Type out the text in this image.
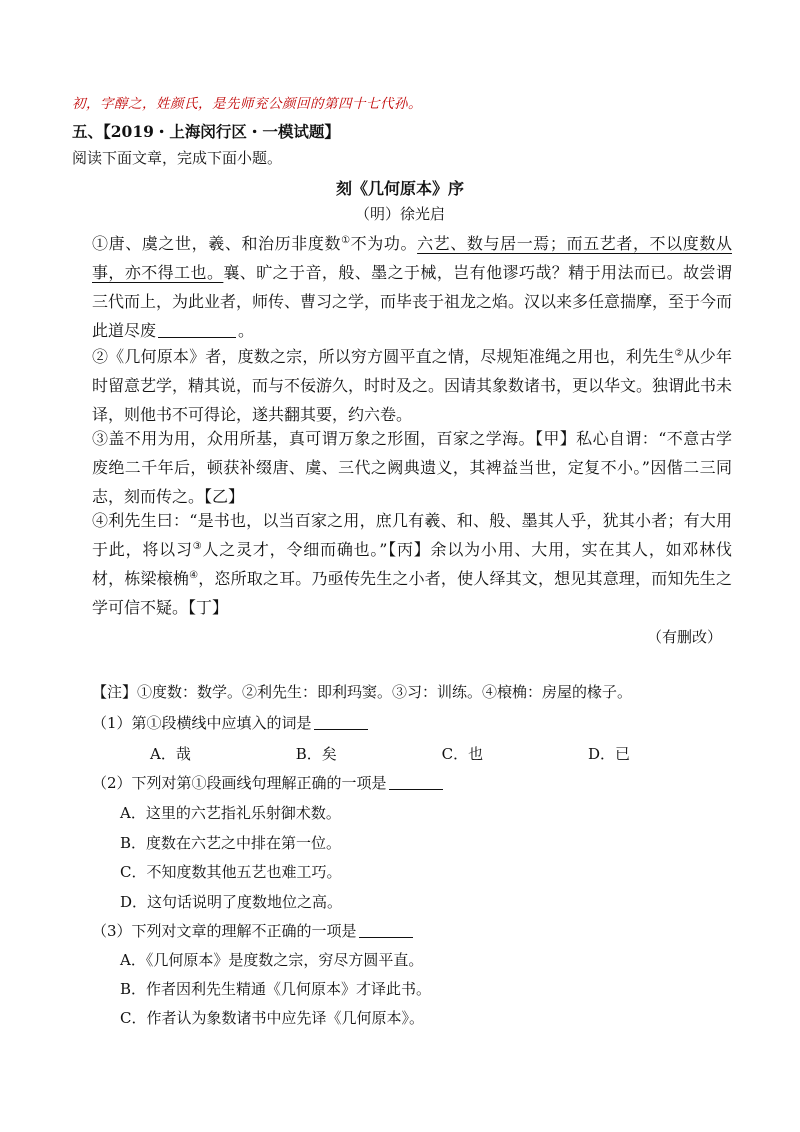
初，字醇之，姓颜氏，是先师兖公颜回的第四十七代孙。
五、【2019・上海闵行区・一模试题】
阅读下面文章，完成下面小题。
刻《几何原本》序
（明）徐光启
①唐、虞之世，羲、和治历非度数①不为功。六艺、数与居一焉；而五艺者，不以度数从事，亦不得工也。襄、旷之于音，般、墨之于械，岂有他谬巧哉？精于用法而已。故尝谓三代而上，为此业者，师传、曹习之学，而毕丧于祖龙之焰。汉以来多任意揣摩，至于今而此道尽废	。
②《几何原本》者，度数之宗，所以穷方圆平直之情，尽规矩准绳之用也，利先生②从少年时留意艺学，精其说，而与不佞游久，时时及之。因请其象数诸书，更以华文。独谓此书未译，则他书不可得论，遂共翻其要，约六卷。
③盖不用为用，众用所基，真可谓万象之形囿，百家之学海。【甲】私心自谓：“不意古学废绝二千年后，顿获补缀唐、虞、三代之阙典遗义，其裨益当世，定复不小。”因偕二三同志，刻而传之。【乙】
④利先生曰：“是书也，以当百家之用，庶几有羲、和、般、墨其人乎，犹其小者；有大用于此，将以习③人之灵才，令细而确也。”【丙】余以为小用、大用，实在其人，如邓林伐材，栋梁榱桷④，恣所取之耳。乃亟传先生之小者，使人绎其文，想见其意理，而知先生之学可信不疑。【丁】
（有删改）
【注】①度数：数学。②利先生：即利玛窦。③习：训练。④榱桷：房屋的椽子。
（1）第①段横线中应填入的词是
A．哉	B．矣	C．也	D．已
（2）下列对第①段画线句理解正确的一项是
A．这里的六艺指礼乐射御术数。
B．度数在六艺之中排在第一位。
C．不知度数其他五艺也难工巧。
D．这句话说明了度数地位之高。
（3）下列对文章的理解不正确的一项是
A．《几何原本》是度数之宗，穷尽方圆平直。
B．作者因利先生精通《几何原本》才译此书。
C．作者认为象数诸书中应先译《几何原本》。
